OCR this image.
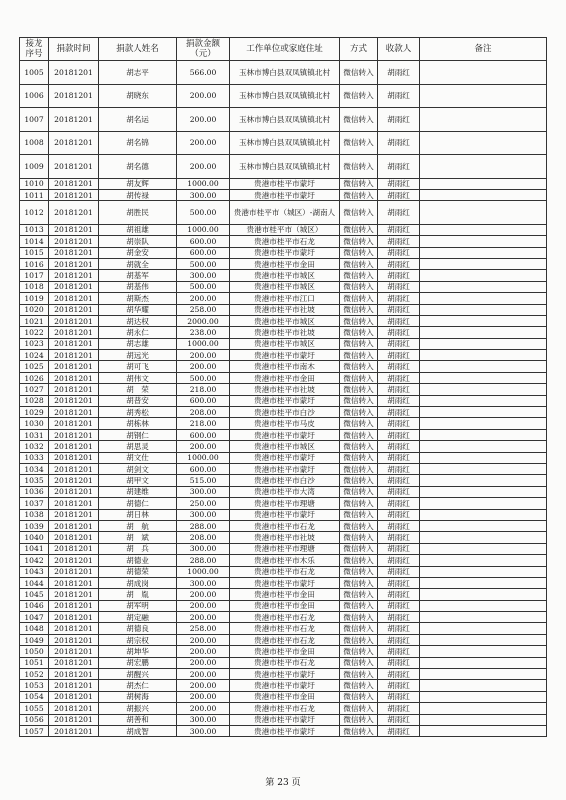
接龙序号	捐款时间	捐款人姓名	捐款金额（元）	工作单位或家庭住址	方式	收款人	备注
1005	20181201	胡志平	566.00	玉林市博白县双凤镇镇北村	微信转入	胡雨红	
1006	20181201	胡晓东	200.00	玉林市博白县双凤镇镇北村	微信转入	胡雨红	
1007	20181201	胡名运	200.00	玉林市博白县双凤镇镇北村	微信转入	胡雨红	
1008	20181201	胡名锦	200.00	玉林市博白县双凤镇镇北村	微信转入	胡雨红	
1009	20181201	胡名德	200.00	玉林市博白县双凤镇镇北村	微信转入	胡雨红	
1010	20181201	胡友辉	1000.00	贵港市桂平市蒙圩	微信转入	胡雨红	
1011	20181201	胡传禄	300.00	贵港市桂平市蒙圩	微信转入	胡雨红	
1012	20181201	胡胜民	500.00	贵港市桂平市（城区）-湖南人	微信转入	胡雨红	
1013	20181201	胡祖雄	1000.00	贵港市桂平市（城区）	微信转入	胡雨红	
1014	20181201	胡崇队	600.00	贵港市桂平市石龙	微信转入	胡雨红	
1015	20181201	胡金安	600.00	贵港市桂平市蒙圩	微信转入	胡雨红	
1016	20181201	胡就全	500.00	贵港市桂平市金田	微信转入	胡雨红	
1017	20181201	胡基军	300.00	贵港市桂平市城区	微信转入	胡雨红	
1018	20181201	胡基伟	500.00	贵港市桂平市城区	微信转入	胡雨红	
1019	20181201	胡斯杰	200.00	贵港市桂平市江口	微信转入	胡雨红	
1020	20181201	胡华耀	258.00	贵港市桂平市社坡	微信转入	胡雨红	
1021	20181201	胡达权	2000.00	贵港市桂平市城区	微信转入	胡雨红	
1022	20181201	胡永仁	238.00	贵港市桂平市社坡	微信转入	胡雨红	
1023	20181201	胡志雄	1000.00	贵港市桂平市城区	微信转入	胡雨红	
1024	20181201	胡远光	200.00	贵港市桂平市蒙圩	微信转入	胡雨红	
1025	20181201	胡可飞	200.00	贵港市桂平市南木	微信转入	胡雨红	
1026	20181201	胡伟文	500.00	贵港市桂平市金田	微信转入	胡雨红	
1027	20181201	胡　荣	218.00	贵港市桂平市社坡	微信转入	胡雨红	
1028	20181201	胡普安	600.00	贵港市桂平市蒙圩	微信转入	胡雨红	
1029	20181201	胡秀松	208.00	贵港市桂平市白沙	微信转入	胡雨红	
1030	20181201	胡栋林	218.00	贵港市桂平市马皮	微信转入	胡雨红	
1031	20181201	胡钢仁	600.00	贵港市桂平市蒙圩	微信转入	胡雨红	
1032	20181201	胡思灵	200.00	贵港市桂平市城区	微信转入	胡雨红	
1033	20181201	胡文仕	1000.00	贵港市桂平市蒙圩	微信转入	胡雨红	
1034	20181201	胡剑文	600.00	贵港市桂平市蒙圩	微信转入	胡雨红	
1035	20181201	胡甲文	515.00	贵港市桂平市白沙	微信转入	胡雨红	
1036	20181201	胡建维	300.00	贵港市桂平市大湾	微信转入	胡雨红	
1037	20181201	胡德仁	250.00	贵港市桂平市理塘	微信转入	胡雨红	
1038	20181201	胡日林	300.00	贵港市桂平市蒙圩	微信转入	胡雨红	
1039	20181201	胡　航	288.00	贵港市桂平市石龙	微信转入	胡雨红	
1040	20181201	胡　斌	208.00	贵港市桂平市社坡	微信转入	胡雨红	
1041	20181201	胡　兵	300.00	贵港市桂平市理塘	微信转入	胡雨红	
1042	20181201	胡德业	288.00	贵港市桂平市木乐	微信转入	胡雨红	
1043	20181201	胡德荣	1000.00	贵港市桂平市石龙	微信转入	胡雨红	
1044	20181201	胡成岗	300.00	贵港市桂平市蒙圩	微信转入	胡雨红	
1045	20181201	胡　胤	200.00	贵港市桂平市金田	微信转入	胡雨红	
1046	20181201	胡军明	200.00	贵港市桂平市金田	微信转入	胡雨红	
1047	20181201	胡定融	200.00	贵港市桂平市石龙	微信转入	胡雨红	
1048	20181201	胡德良	258.00	贵港市桂平市石龙	微信转入	胡雨红	
1049	20181201	胡宗权	200.00	贵港市桂平市石龙	微信转入	胡雨红	
1050	20181201	胡坤华	200.00	贵港市桂平市金田	微信转入	胡雨红	
1051	20181201	胡宏鹏	200.00	贵港市桂平市石龙	微信转入	胡雨红	
1052	20181201	胡醒兴	200.00	贵港市桂平市蒙圩	微信转入	胡雨红	
1053	20181201	胡杰仁	200.00	贵港市桂平市蒙圩	微信转入	胡雨红	
1054	20181201	胡树海	200.00	贵港市桂平市金田	微信转入	胡雨红	
1055	20181201	胡振兴	200.00	贵港市桂平市石龙	微信转入	胡雨红	
1056	20181201	胡善和	300.00	贵港市桂平市蒙圩	微信转入	胡雨红	
1057	20181201	胡成智	300.00	贵港市桂平市蒙圩	微信转入	胡雨红	
第 23 页
